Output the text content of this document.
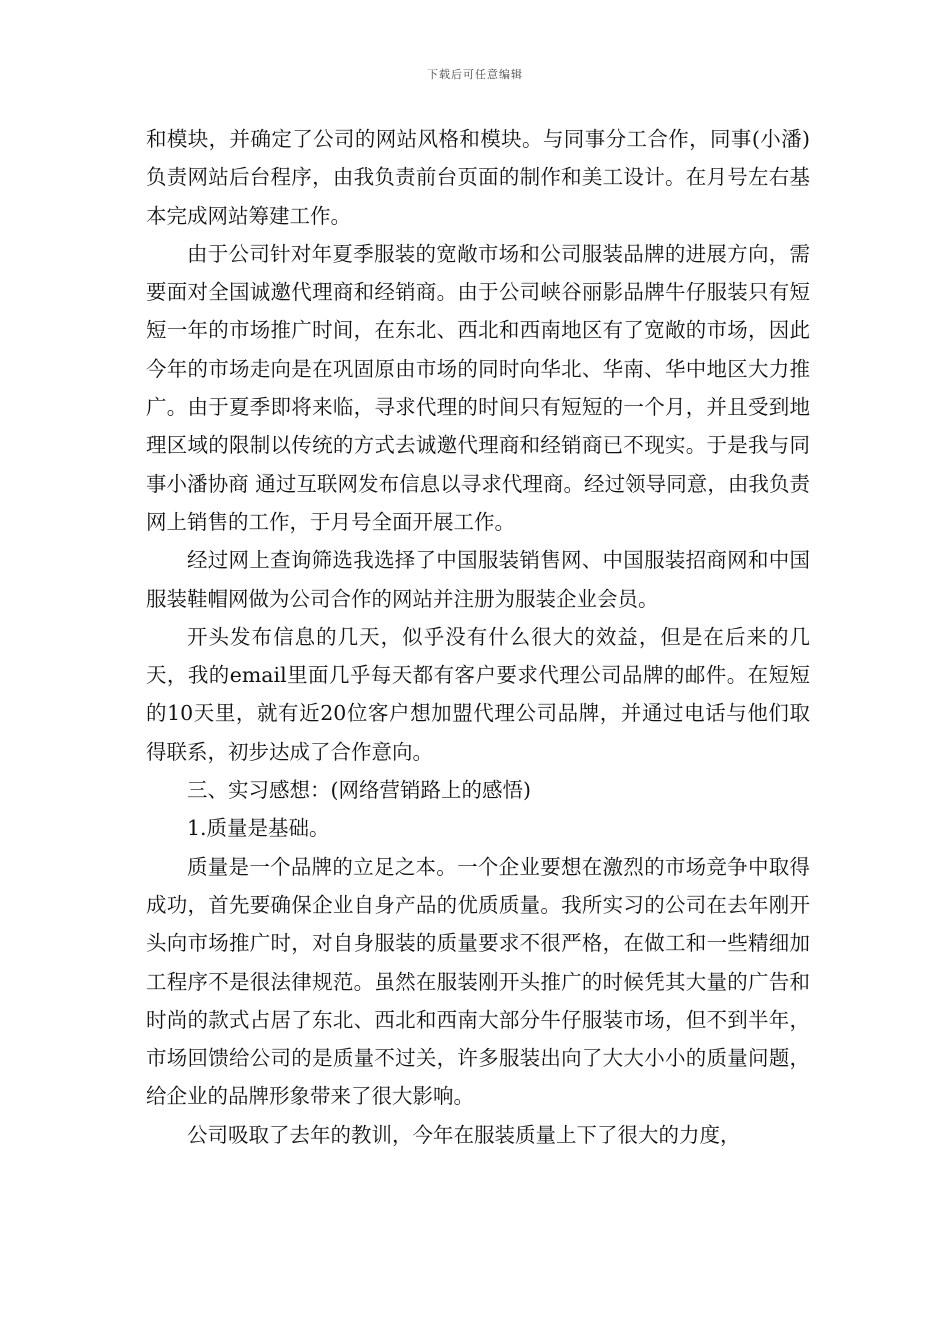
下载后可任意编辑

和模块，并确定了公司的网站风格和模块。与同事分工合作，同事(小潘)负责网站后台程序，由我负责前台页面的制作和美工设计。在月号左右基本完成网站筹建工作。

由于公司针对年夏季服装的宽敞市场和公司服装品牌的进展方向，需要面对全国诚邀代理商和经销商。由于公司峡谷丽影品牌牛仔服装只有短短一年的市场推广时间，在东北、西北和西南地区有了宽敞的市场，因此今年的市场走向是在巩固原由市场的同时向华北、华南、华中地区大力推广。由于夏季即将来临，寻求代理的时间只有短短的一个月，并且受到地理区域的限制以传统的方式去诚邀代理商和经销商已不现实。于是我与同事小潘协商 通过互联网发布信息以寻求代理商。经过领导同意，由我负责网上销售的工作，于月号全面开展工作。

经过网上查询筛选我选择了中国服装销售网、中国服装招商网和中国服装鞋帽网做为公司合作的网站并注册为服装企业会员。

开头发布信息的几天，似乎没有什么很大的效益，但是在后来的几天，我的email里面几乎每天都有客户要求代理公司品牌的邮件。在短短的10天里，就有近20位客户想加盟代理公司品牌，并通过电话与他们取得联系，初步达成了合作意向。

三、实习感想：(网络营销路上的感悟)

1.质量是基础。

质量是一个品牌的立足之本。一个企业要想在激烈的市场竞争中取得成功，首先要确保企业自身产品的优质质量。我所实习的公司在去年刚开头向市场推广时，对自身服装的质量要求不很严格，在做工和一些精细加工程序不是很法律规范。虽然在服装刚开头推广的时候凭其大量的广告和时尚的款式占居了东北、西北和西南大部分牛仔服装市场，但不到半年，市场回馈给公司的是质量不过关，许多服装出向了大大小小的质量问题，给企业的品牌形象带来了很大影响。

公司吸取了去年的教训，今年在服装质量上下了很大的力度，
